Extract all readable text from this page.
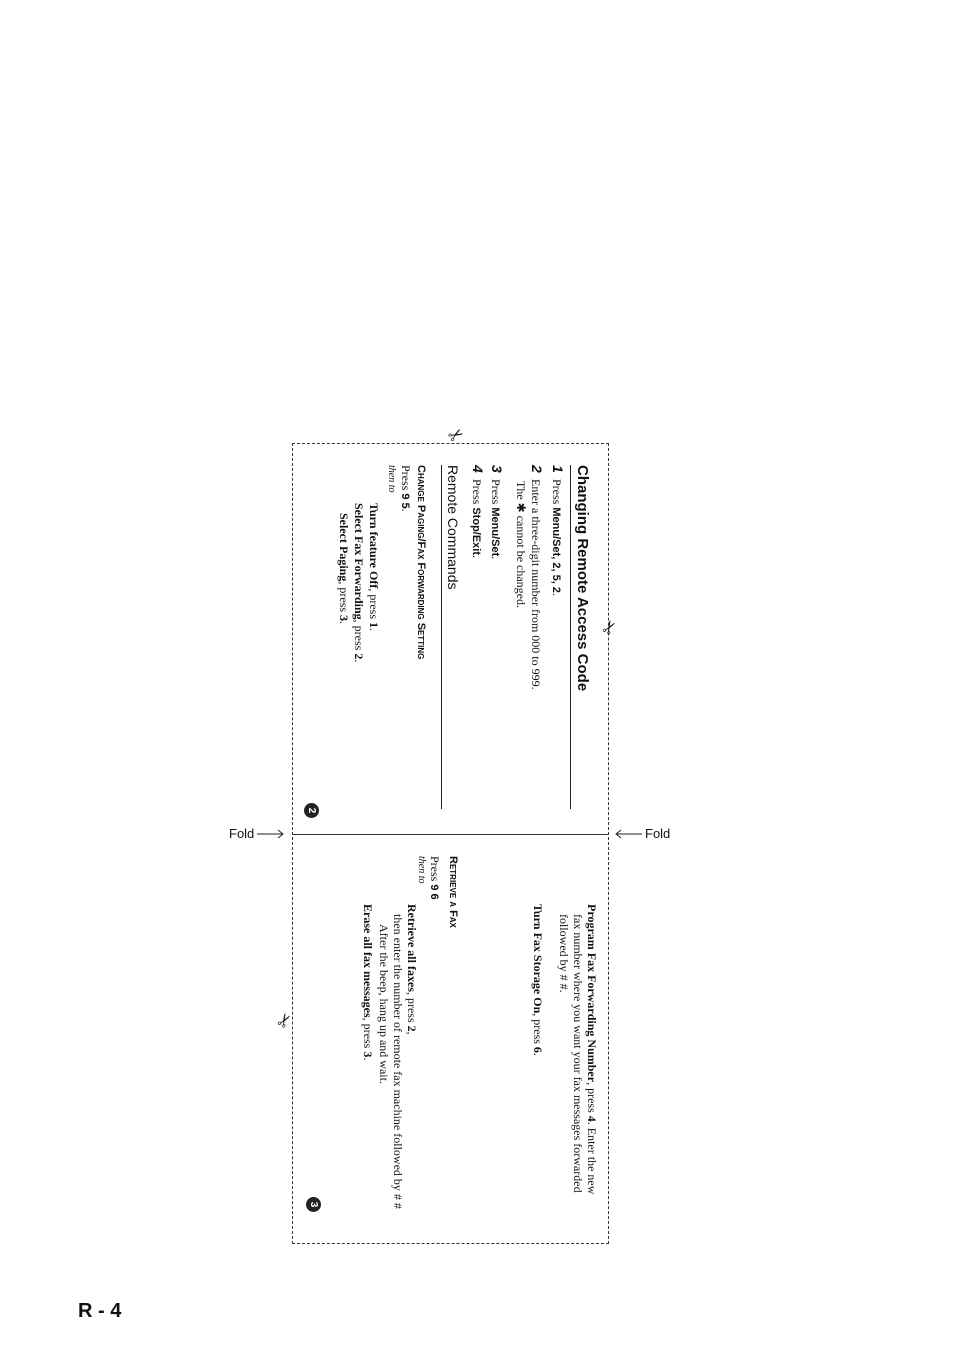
Fold	Fold
✂
✂
✂
Changing Remote Access Code
1Press Menu/Set, 2, 5, 2.
2Enter a three-digit number from 000 to 999.
The ✱ cannot be changed.
3Press Menu/Set.
4Press Stop/Exit.
Remote Commands
Change Paging/Fax Forwarding Setting
Press 9 5.
then to
Turn feature Off, press 1.
Select Fax Forwarding, press 2.
Select Paging, press 3.
2
Program Fax Forwarding Number, press 4. Enter the new
fax number where you want your fax messages forwarded
followed by # #.
Turn Fax Storage On, press 6.
Retrieve a Fax
Press 9 6
then to
Retrieve all faxes, press 2,
then enter the number of remote fax machine followed by # #
After the beep, hang up and wait.
Erase all fax messages, press 3.
3
R - 4
